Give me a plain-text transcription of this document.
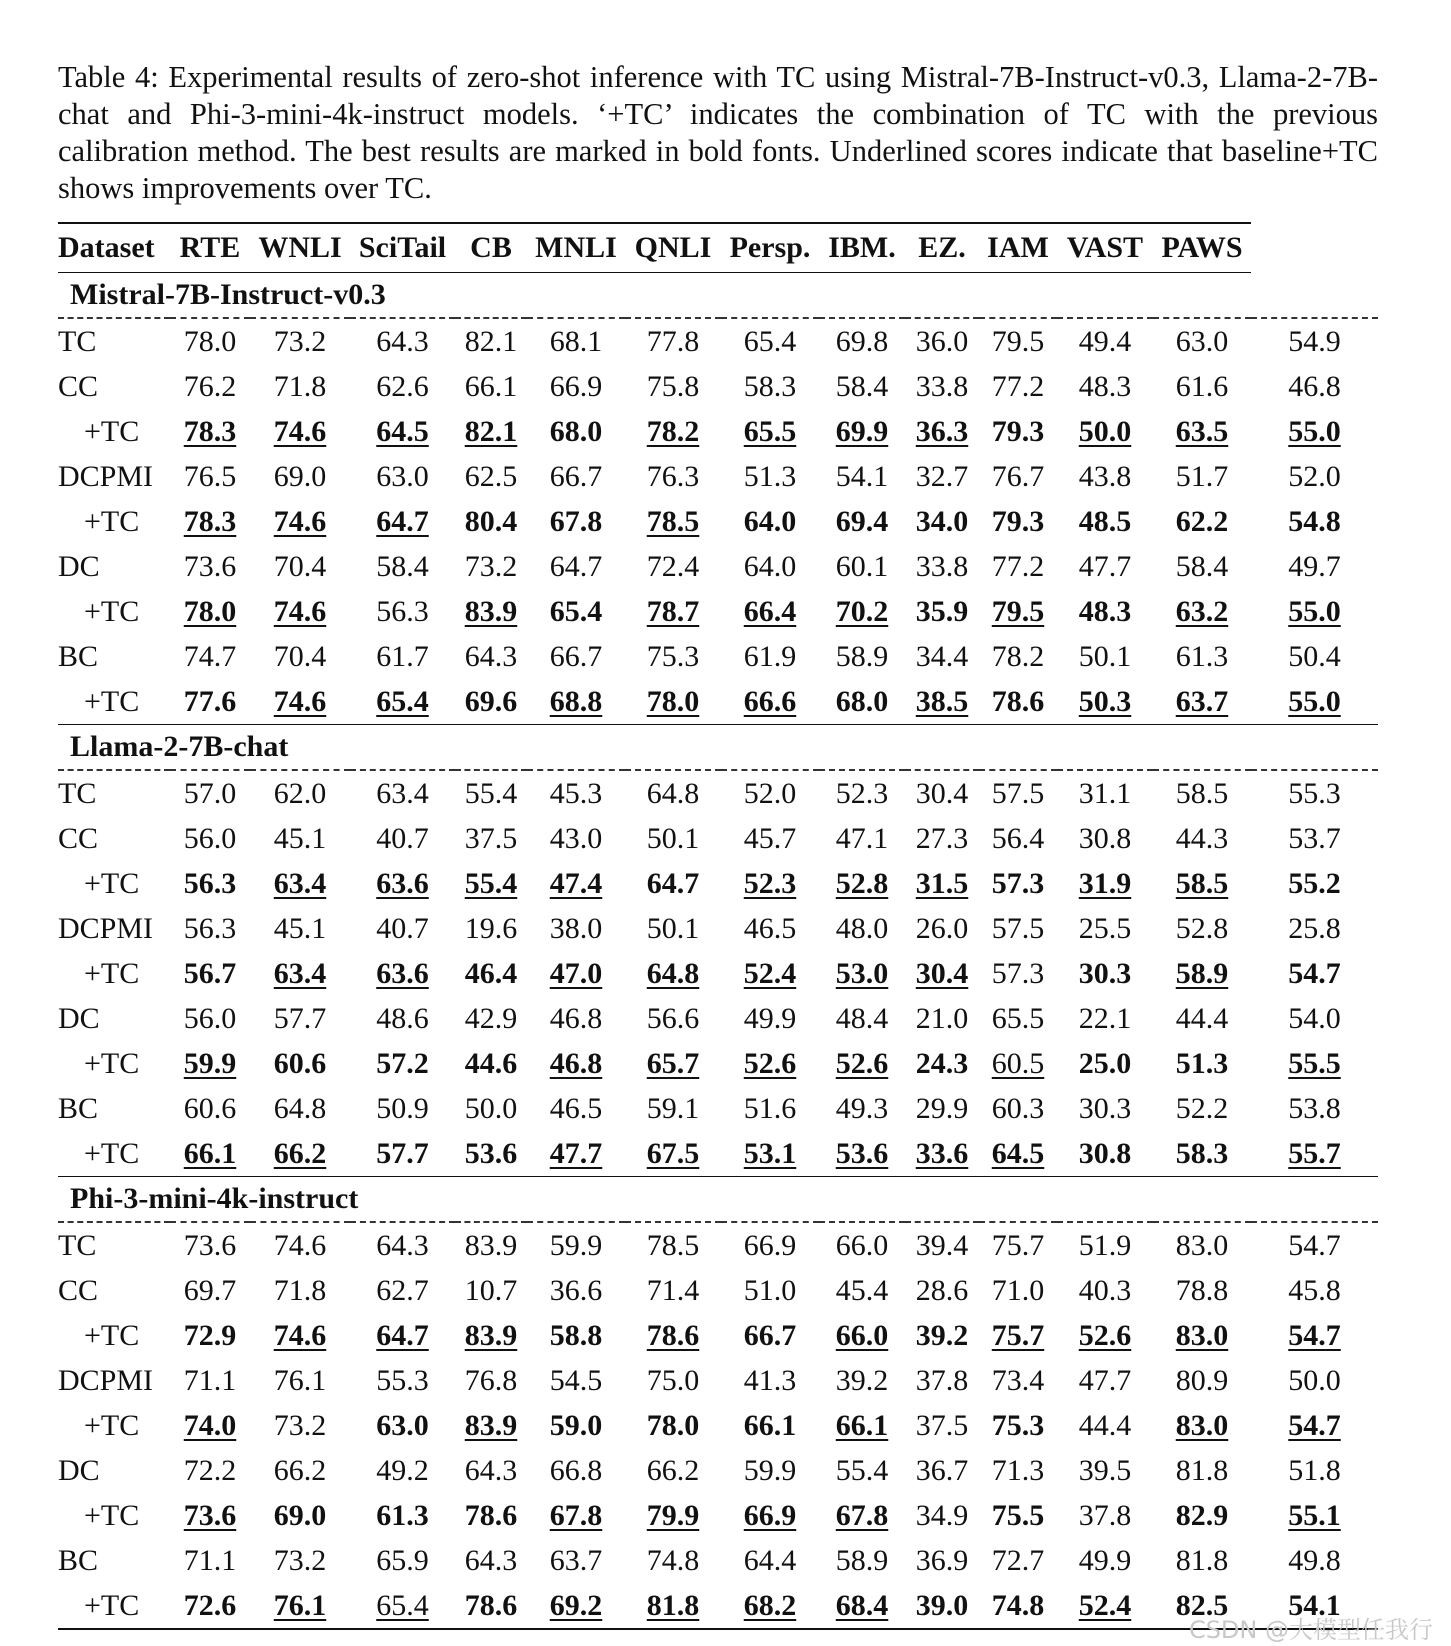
Table 4: Experimental results of zero-shot inference with TC using Mistral-7B-Instruct-v0.3, Llama-2-7B-chat and Phi-3-mini-4k-instruct models. ‘+TC’ indicates the combination of TC with the previous calibration method. The best results are marked in bold fonts. Underlined scores indicate that baseline+TC shows improvements over TC.

Dataset	RTE	WNLI	SciTail	CB	MNLI	QNLI	Persp.	IBM.	EZ.	IAM	VAST	PAWS	
Mistral-7B-Instruct-v0.3													
TC	78.0	73.2	64.3	82.1	68.1	77.8	65.4	69.8	36.0	79.5	49.4	63.0	54.9
CC	76.2	71.8	62.6	66.1	66.9	75.8	58.3	58.4	33.8	77.2	48.3	61.6	46.8
+TC	78.3	74.6	64.5	82.1	68.0	78.2	65.5	69.9	36.3	79.3	50.0	63.5	55.0
DCPMI	76.5	69.0	63.0	62.5	66.7	76.3	51.3	54.1	32.7	76.7	43.8	51.7	52.0
+TC	78.3	74.6	64.7	80.4	67.8	78.5	64.0	69.4	34.0	79.3	48.5	62.2	54.8
DC	73.6	70.4	58.4	73.2	64.7	72.4	64.0	60.1	33.8	77.2	47.7	58.4	49.7
+TC	78.0	74.6	56.3	83.9	65.4	78.7	66.4	70.2	35.9	79.5	48.3	63.2	55.0
BC	74.7	70.4	61.7	64.3	66.7	75.3	61.9	58.9	34.4	78.2	50.1	61.3	50.4
+TC	77.6	74.6	65.4	69.6	68.8	78.0	66.6	68.0	38.5	78.6	50.3	63.7	55.0
Llama-2-7B-chat													
TC	57.0	62.0	63.4	55.4	45.3	64.8	52.0	52.3	30.4	57.5	31.1	58.5	55.3
CC	56.0	45.1	40.7	37.5	43.0	50.1	45.7	47.1	27.3	56.4	30.8	44.3	53.7
+TC	56.3	63.4	63.6	55.4	47.4	64.7	52.3	52.8	31.5	57.3	31.9	58.5	55.2
DCPMI	56.3	45.1	40.7	19.6	38.0	50.1	46.5	48.0	26.0	57.5	25.5	52.8	25.8
+TC	56.7	63.4	63.6	46.4	47.0	64.8	52.4	53.0	30.4	57.3	30.3	58.9	54.7
DC	56.0	57.7	48.6	42.9	46.8	56.6	49.9	48.4	21.0	65.5	22.1	44.4	54.0
+TC	59.9	60.6	57.2	44.6	46.8	65.7	52.6	52.6	24.3	60.5	25.0	51.3	55.5
BC	60.6	64.8	50.9	50.0	46.5	59.1	51.6	49.3	29.9	60.3	30.3	52.2	53.8
+TC	66.1	66.2	57.7	53.6	47.7	67.5	53.1	53.6	33.6	64.5	30.8	58.3	55.7
Phi-3-mini-4k-instruct													
TC	73.6	74.6	64.3	83.9	59.9	78.5	66.9	66.0	39.4	75.7	51.9	83.0	54.7
CC	69.7	71.8	62.7	10.7	36.6	71.4	51.0	45.4	28.6	71.0	40.3	78.8	45.8
+TC	72.9	74.6	64.7	83.9	58.8	78.6	66.7	66.0	39.2	75.7	52.6	83.0	54.7
DCPMI	71.1	76.1	55.3	76.8	54.5	75.0	41.3	39.2	37.8	73.4	47.7	80.9	50.0
+TC	74.0	73.2	63.0	83.9	59.0	78.0	66.1	66.1	37.5	75.3	44.4	83.0	54.7
DC	72.2	66.2	49.2	64.3	66.8	66.2	59.9	55.4	36.7	71.3	39.5	81.8	51.8
+TC	73.6	69.0	61.3	78.6	67.8	79.9	66.9	67.8	34.9	75.5	37.8	82.9	55.1
BC	71.1	73.2	65.9	64.3	63.7	74.8	64.4	58.9	36.9	72.7	49.9	81.8	49.8
+TC	72.6	76.1	65.4	78.6	69.2	81.8	68.2	68.4	39.0	74.8	52.4	82.5	54.1
CSDN @大模型任我行
